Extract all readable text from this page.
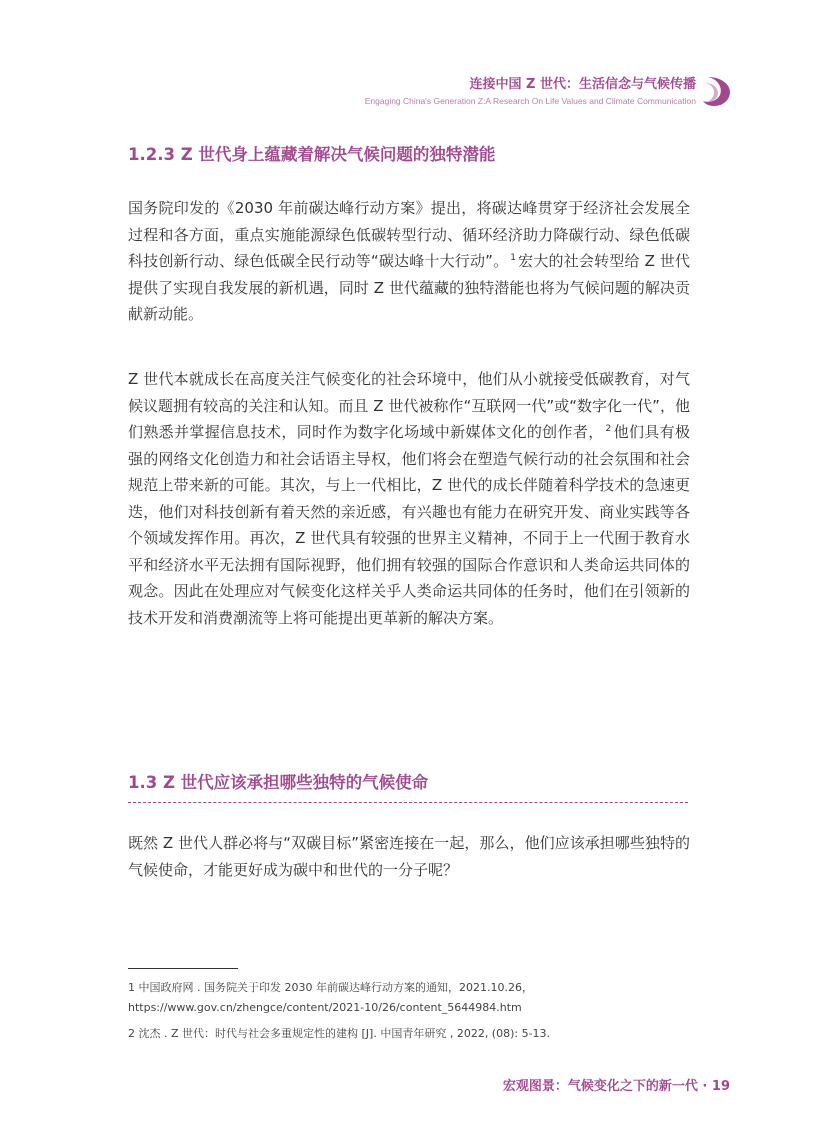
连接中国 Z 世代：生活信念与气候传播
Engaging China's Generation Z:A Research On Life Values and Climate Communication
1.2.3 Z 世代身上蕴藏着解决气候问题的独特潜能

国务院印发的《2030 年前碳达峰行动方案》提出，将碳达峰贯穿于经济社会发展全过程和各方面，重点实施能源绿色低碳转型行动、循环经济助力降碳行动、绿色低碳科技创新行动、绿色低碳全民行动等“碳达峰十大行动”。 $^1$ 宏大的社会转型给 Z 世代提供了实现自我发展的新机遇，同时 Z 世代蕴藏的独特潜能也将为气候问题的解决贡献新动能。

Z 世代本就成长在高度关注气候变化的社会环境中，他们从小就接受低碳教育，对气候议题拥有较高的关注和认知。而且 Z 世代被称作“互联网一代”或“数字化一代”，他们熟悉并掌握信息技术，同时作为数字化场域中新媒体文化的创作者， $^2$ 他们具有极强的网络文化创造力和社会话语主导权，他们将会在塑造气候行动的社会氛围和社会规范上带来新的可能。其次，与上一代相比，Z 世代的成长伴随着科学技术的急速更迭，他们对科技创新有着天然的亲近感，有兴趣也有能力在研究开发、商业实践等各个领域发挥作用。再次，Z 世代具有较强的世界主义精神，不同于上一代囿于教育水平和经济水平无法拥有国际视野，他们拥有较强的国际合作意识和人类命运共同体的观念。因此在处理应对气候变化这样关乎人类命运共同体的任务时，他们在引领新的技术开发和消费潮流等上将可能提出更革新的解决方案。

1.3 Z 世代应该承担哪些独特的气候使命

既然 Z 世代人群必将与“双碳目标”紧密连接在一起，那么，他们应该承担哪些独特的气候使命，才能更好成为碳中和世代的一分子呢？

1 中国政府网 . 国务院关于印发 2030 年前碳达峰行动方案的通知，2021.10.26，https://www.gov.cn/zhengce/content/2021-10/26/content_5644984.htm

2 沈杰 . Z 世代：时代与社会多重规定性的建构 [J]. 中国青年研究 , 2022, (08): 5-13.

宏观图景：气候变化之下的新一代 · 19
